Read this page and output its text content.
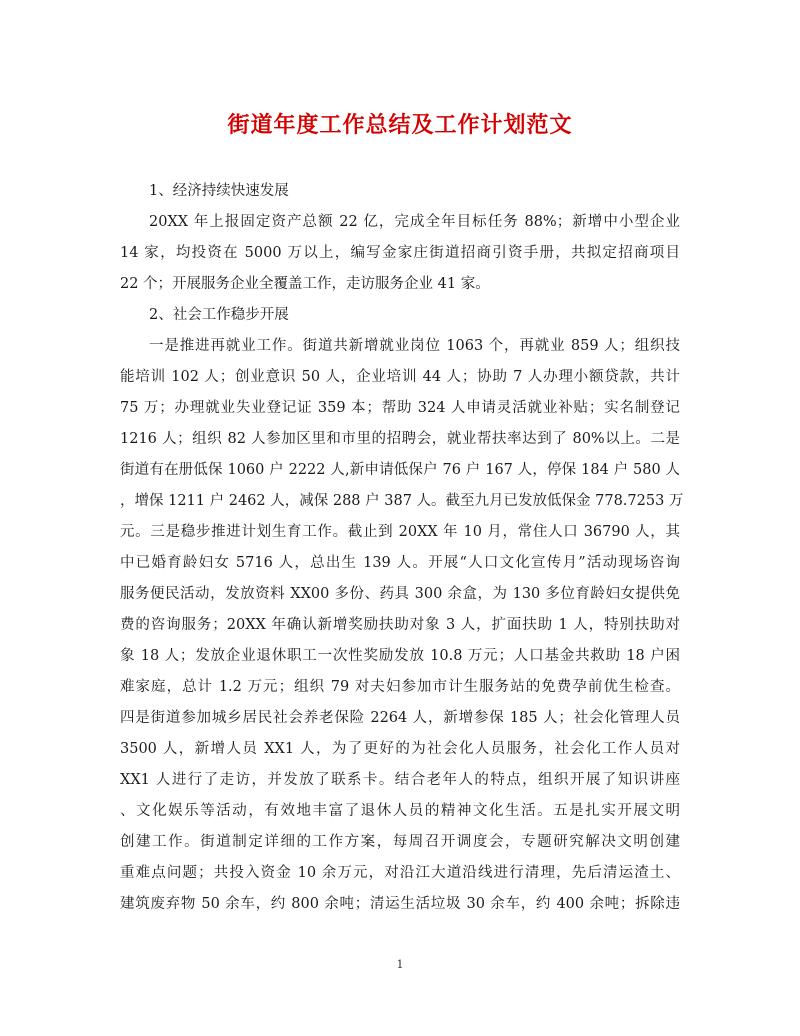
街道年度工作总结及工作计划范文
1、经济持续快速发展
20XX 年上报固定资产总额 22 亿，完成全年目标任务 88%；新增中小型企业
14 家，均投资在 5000 万以上，编写金家庄街道招商引资手册，共拟定招商项目
22 个；开展服务企业全覆盖工作，走访服务企业 41 家。
2、社会工作稳步开展
一是推进再就业工作。街道共新增就业岗位 1063 个，再就业 859 人；组织技
能培训 102 人；创业意识 50 人，企业培训 44 人；协助 7 人办理小额贷款，共计
75 万；办理就业失业登记证 359 本；帮助 324 人申请灵活就业补贴；实名制登记
1216 人；组织 82 人参加区里和市里的招聘会，就业帮扶率达到了 80%以上。二是
街道有在册低保 1060 户 2222 人,新申请低保户 76 户 167 人，停保 184 户 580 人
，增保 1211 户 2462 人，减保 288 户 387 人。截至九月已发放低保金 778.7253 万
元。三是稳步推进计划生育工作。截止到 20XX 年 10 月，常住人口 36790 人，其
中已婚育龄妇女 5716 人，总出生 139 人。开展“人口文化宣传月”活动现场咨询
服务便民活动，发放资料 XX00 多份、药具 300 余盒，为 130 多位育龄妇女提供免
费的咨询服务；20XX 年确认新增奖励扶助对象 3 人，扩面扶助 1 人，特别扶助对
象 18 人；发放企业退休职工一次性奖励发放 10.8 万元；人口基金共救助 18 户困
难家庭，总计 1.2 万元；组织 79 对夫妇参加市计生服务站的免费孕前优生检查。
四是街道参加城乡居民社会养老保险 2264 人，新增参保 185 人；社会化管理人员
3500 人，新增人员 XX1 人，为了更好的为社会化人员服务，社会化工作人员对
XX1 人进行了走访，并发放了联系卡。结合老年人的特点，组织开展了知识讲座
、文化娱乐等活动，有效地丰富了退休人员的精神文化生活。五是扎实开展文明
创建工作。街道制定详细的工作方案，每周召开调度会，专题研究解决文明创建
重难点问题；共投入资金 10 余万元，对沿江大道沿线进行清理，先后清运渣土、
建筑废弃物 50 余车，约 800 余吨；清运生活垃圾 30 余车，约 400 余吨；拆除违
1
